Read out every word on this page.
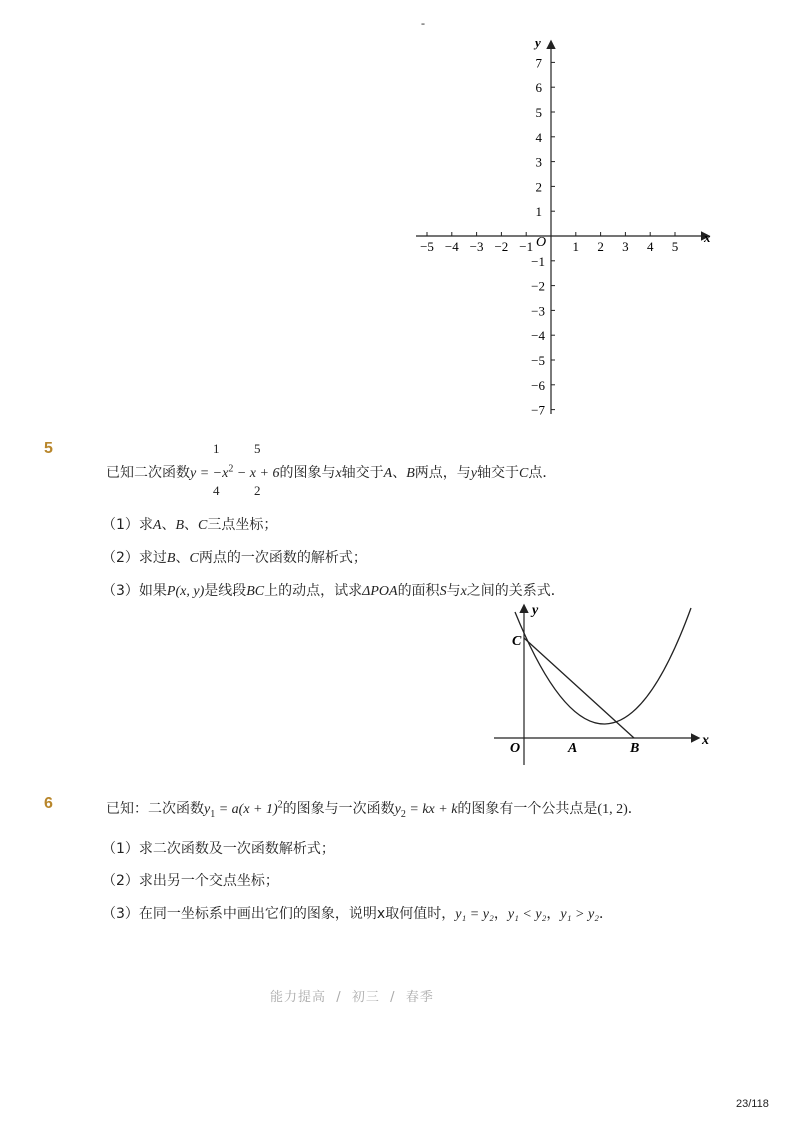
-
−5 −4 −3 −2 −1	1 2 3 4 5
7
6
5
4
3
2
1
−1
−2
−3
−4
−5
−6
−7
x
y
O
5	1
4
5
2
已知二次函数$y = -x^2 - x + 6$的图象与x轴交于A、B两点，与y轴交于C点．
（1）求A、B、C三点坐标；
（2）求过B、C两点的一次函数的解析式；
（3）如果P(x, y)是线段BC上的动点，试求ΔPOA的面积S与x之间的关系式．
C
y
O	A	B
x
6	已知：二次函数$y_1 = a(x + 1)^2$的图象与一次函数$y_2$ = kx + k的图象有一个公共点是(1, 2)．
（1）求二次函数及一次函数解析式；
（2）求出另一个交点坐标；
（3）在同一坐标系中画出它们的图象，说明x取何值时，y₁ = y₂，y₁ < y₂，y₁ > y₂．
能力提高  /  初三  /  春季
23/118
